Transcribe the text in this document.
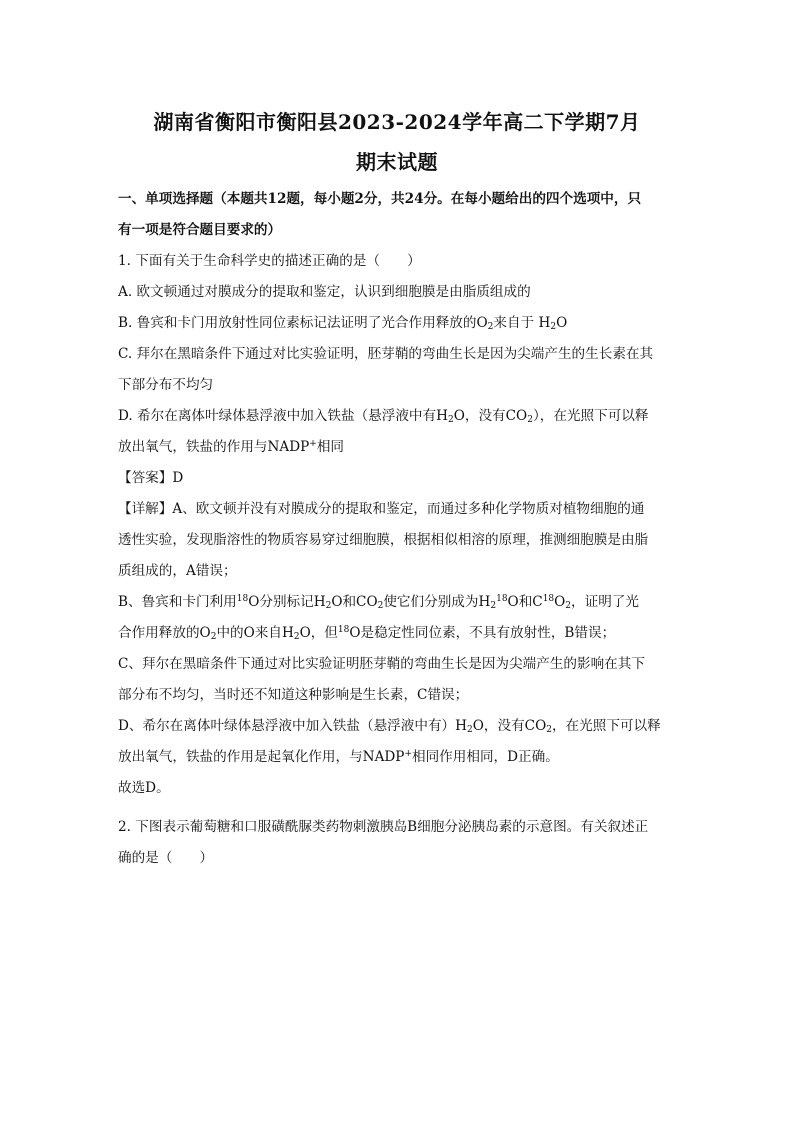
湖南省衡阳市衡阳县2023-2024学年高二下学期7月
期末试题
一、单项选择题（本题共12题，每小题2分，共24分。在每小题给出的四个选项中，只
有一项是符合题目要求的）
1. 下面有关于生命科学史的描述正确的是（　　）
A. 欧文顿通过对膜成分的提取和鉴定，认识到细胞膜是由脂质组成的
B. 鲁宾和卡门用放射性同位素标记法证明了光合作用释放的$O_2$来自于 $H_2O$
C. 拜尔在黑暗条件下通过对比实验证明，胚芽鞘的弯曲生长是因为尖端产生的生长素在其
下部分布不均匀
D. 希尔在离体叶绿体悬浮液中加入铁盐（悬浮液中有$H_2O$，没有$CO_2$），在光照下可以释
放出氧气，铁盐的作用与NADP+相同
【答案】D
【详解】A、欧文顿并没有对膜成分的提取和鉴定，而通过多种化学物质对植物细胞的通
透性实验，发现脂溶性的物质容易穿过细胞膜，根据相似相溶的原理，推测细胞膜是由脂
质组成的，A错误；
B、鲁宾和卡门利用$^{18}$O分别标记$H_2O$和$CO_2$使它们分别成为$H_2^{18}O$和$C^{18}O_2$，证明了光
合作用释放的$O_2$中的O来自$H_2O$，但$^{18}$O是稳定性同位素，不具有放射性，B错误；
C、拜尔在黑暗条件下通过对比实验证明胚芽鞘的弯曲生长是因为尖端产生的影响在其下
部分布不均匀，当时还不知道这种影响是生长素，C错误；
D、希尔在离体叶绿体悬浮液中加入铁盐（悬浮液中有）$H_2O$，没有$CO_2$，在光照下可以释
放出氧气，铁盐的作用是起氧化作用，与NADP+相同作用相同，D正确。
故选D。
2. 下图表示葡萄糖和口服磺酰脲类药物刺激胰岛B细胞分泌胰岛素的示意图。有关叙述正
确的是（　　）
